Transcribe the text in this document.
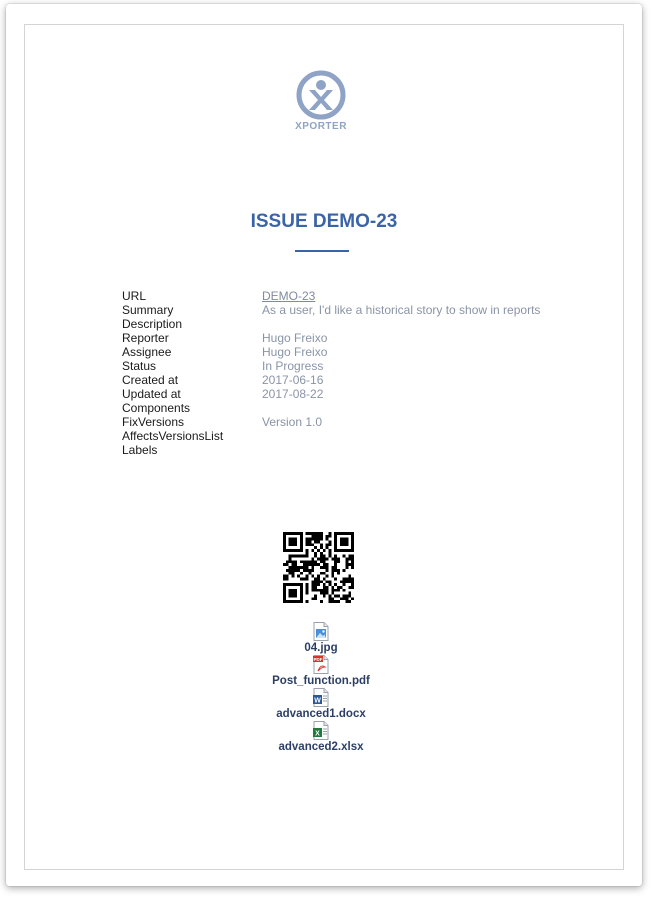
XPORTER
ISSUE DEMO-23
URL	DEMO-23
Summary	As a user, I'd like a historical story to show in reports
Description
Reporter	Hugo Freixo
Assignee	Hugo Freixo
Status	In Progress
Created at	2017-06-16
Updated at	2017-08-22
Components
FixVersions	Version 1.0
AffectsVersionsList
Labels
04.jpg
PDF
Post_function.pdf
W
advanced1.docx
X
advanced2.xlsx
